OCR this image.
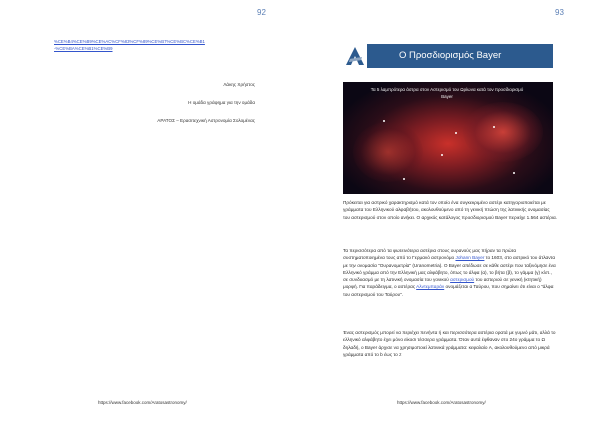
92
%CE%B4%CE%B9%CE%AC%CF%83%CF%89%CE%B7%CE%BC%CE%B1
-%CE%BA%CE%B1%CE%B9
Λάκης Χρήστος
Η ομάδα γράφημα για την ομάδα
ΑΡΑΤΟΣ – Ερασιτεχνική Αστρονομία Σολομένας
https://www.facebook.com/Aratosastronomy/
93
Ο Προσδιορισμός Bayer
Τα 5 λαμπρότερα άστρα στον Αστερισμό του Ωρίωνα κατά τον προσδιορισμό Bayer
Πρόκειται για αστρικό χαρακτηρισμό κατά τον οποίο ένα συγκεκριμένο αστέρι κατηγοριοποιείται με γράμματα του Ελληνικού αλφαβήτου, ακολουθούμενο από τη γενική πτώση της λατινικής ονομασίας του αστερισμού στον οποίο ανήκει. Ο αρχικός κατάλογος προσδιορισμού Bayer περιείχε 1.564 αστέρια.
Τα περισσότερα από τα φωτεινότερα αστέρια στους ουρανούς μας πήραν τα πρώτα συστηματοποιημένα τους από το Γερμανό αστρονόμο Johann Bayer το 1603, στο αστρικό του άτλαντα με την ονομασία "Ουρανομετρία" (Uranometria). Ο Bayer απέδωσε σε κάθε αστέρι που ταξινόμησε ένα Ελληνικό γράμμα από την Ελληνική μας αλφάβητο, όπως το άλφα (α), το βήτα (β), το γάμμα (γ) κλπ., σε συνδυασμό με τη λατινική ονομασία του γονικού αστερισμού του αστεριού σε γενική (κτητική) μορφή. Για παράδειγμα, ο αστέρας Αλντεμπαράν ονομάζεται α Ταύρου, που σημαίνει ότι είναι ο "άλφα του αστερισμού του Ταύρου".
Ένας αστερισμός μπορεί να περιέχει πενήντα ή και περισσότερα αστέρια ορατά με γυμνό μάτι, αλλά το ελληνικό αλφάβητο έχει μόνο είκοσι τέσσερα γράμματα. Όταν αυτά έφθαναν στο 24ο γράμμα το Ω δηλαδή, ο Bayer άρχισε να χρησιμοποιεί λατινικά γράμματα: κεφαλαίο A, ακολουθούμενο από μικρά γράμματα από το b έως το z
https://www.facebook.com/Aratosastronomy/
